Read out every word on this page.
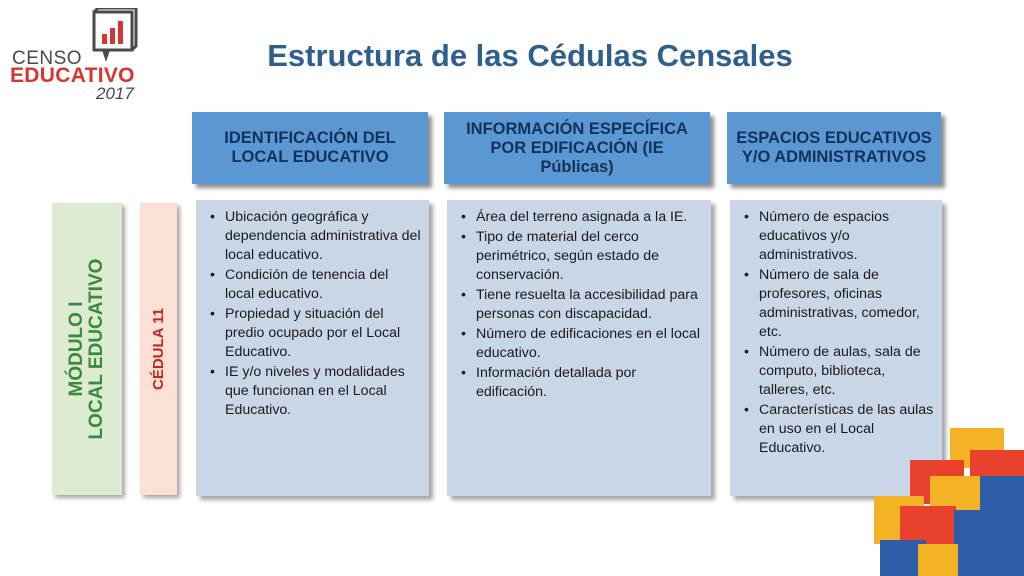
CENSO
EDUCATIVO
2017
Estructura de las Cédulas Censales
MÓDULO I LOCAL EDUCATIVO	CÉDULA 11
IDENTIFICACIÓN DEL LOCAL EDUCATIVO
INFORMACIÓN ESPECÍFICA POR EDIFICACIÓN (IE Públicas)
ESPACIOS EDUCATIVOS Y/O ADMINISTRATIVOS
• Ubicación geográfica y dependencia administrativa del local educativo.
• Condición de tenencia del local educativo.
• Propiedad y situación del predio ocupado por el Local Educativo.
• IE y/o niveles y modalidades que funcionan en el Local Educativo.
• Área del terreno asignada a la IE.
• Tipo de material del cerco perimétrico, según estado de conservación.
• Tiene resuelta la accesibilidad para personas con discapacidad.
• Número de edificaciones en el local educativo.
• Información detallada por edificación.
• Número de espacios educativos y/o administrativos.
• Número de sala de profesores, oficinas administrativas, comedor, etc.
• Número de aulas, sala de computo, biblioteca, talleres, etc.
• Características de las aulas en uso en el Local Educativo.
